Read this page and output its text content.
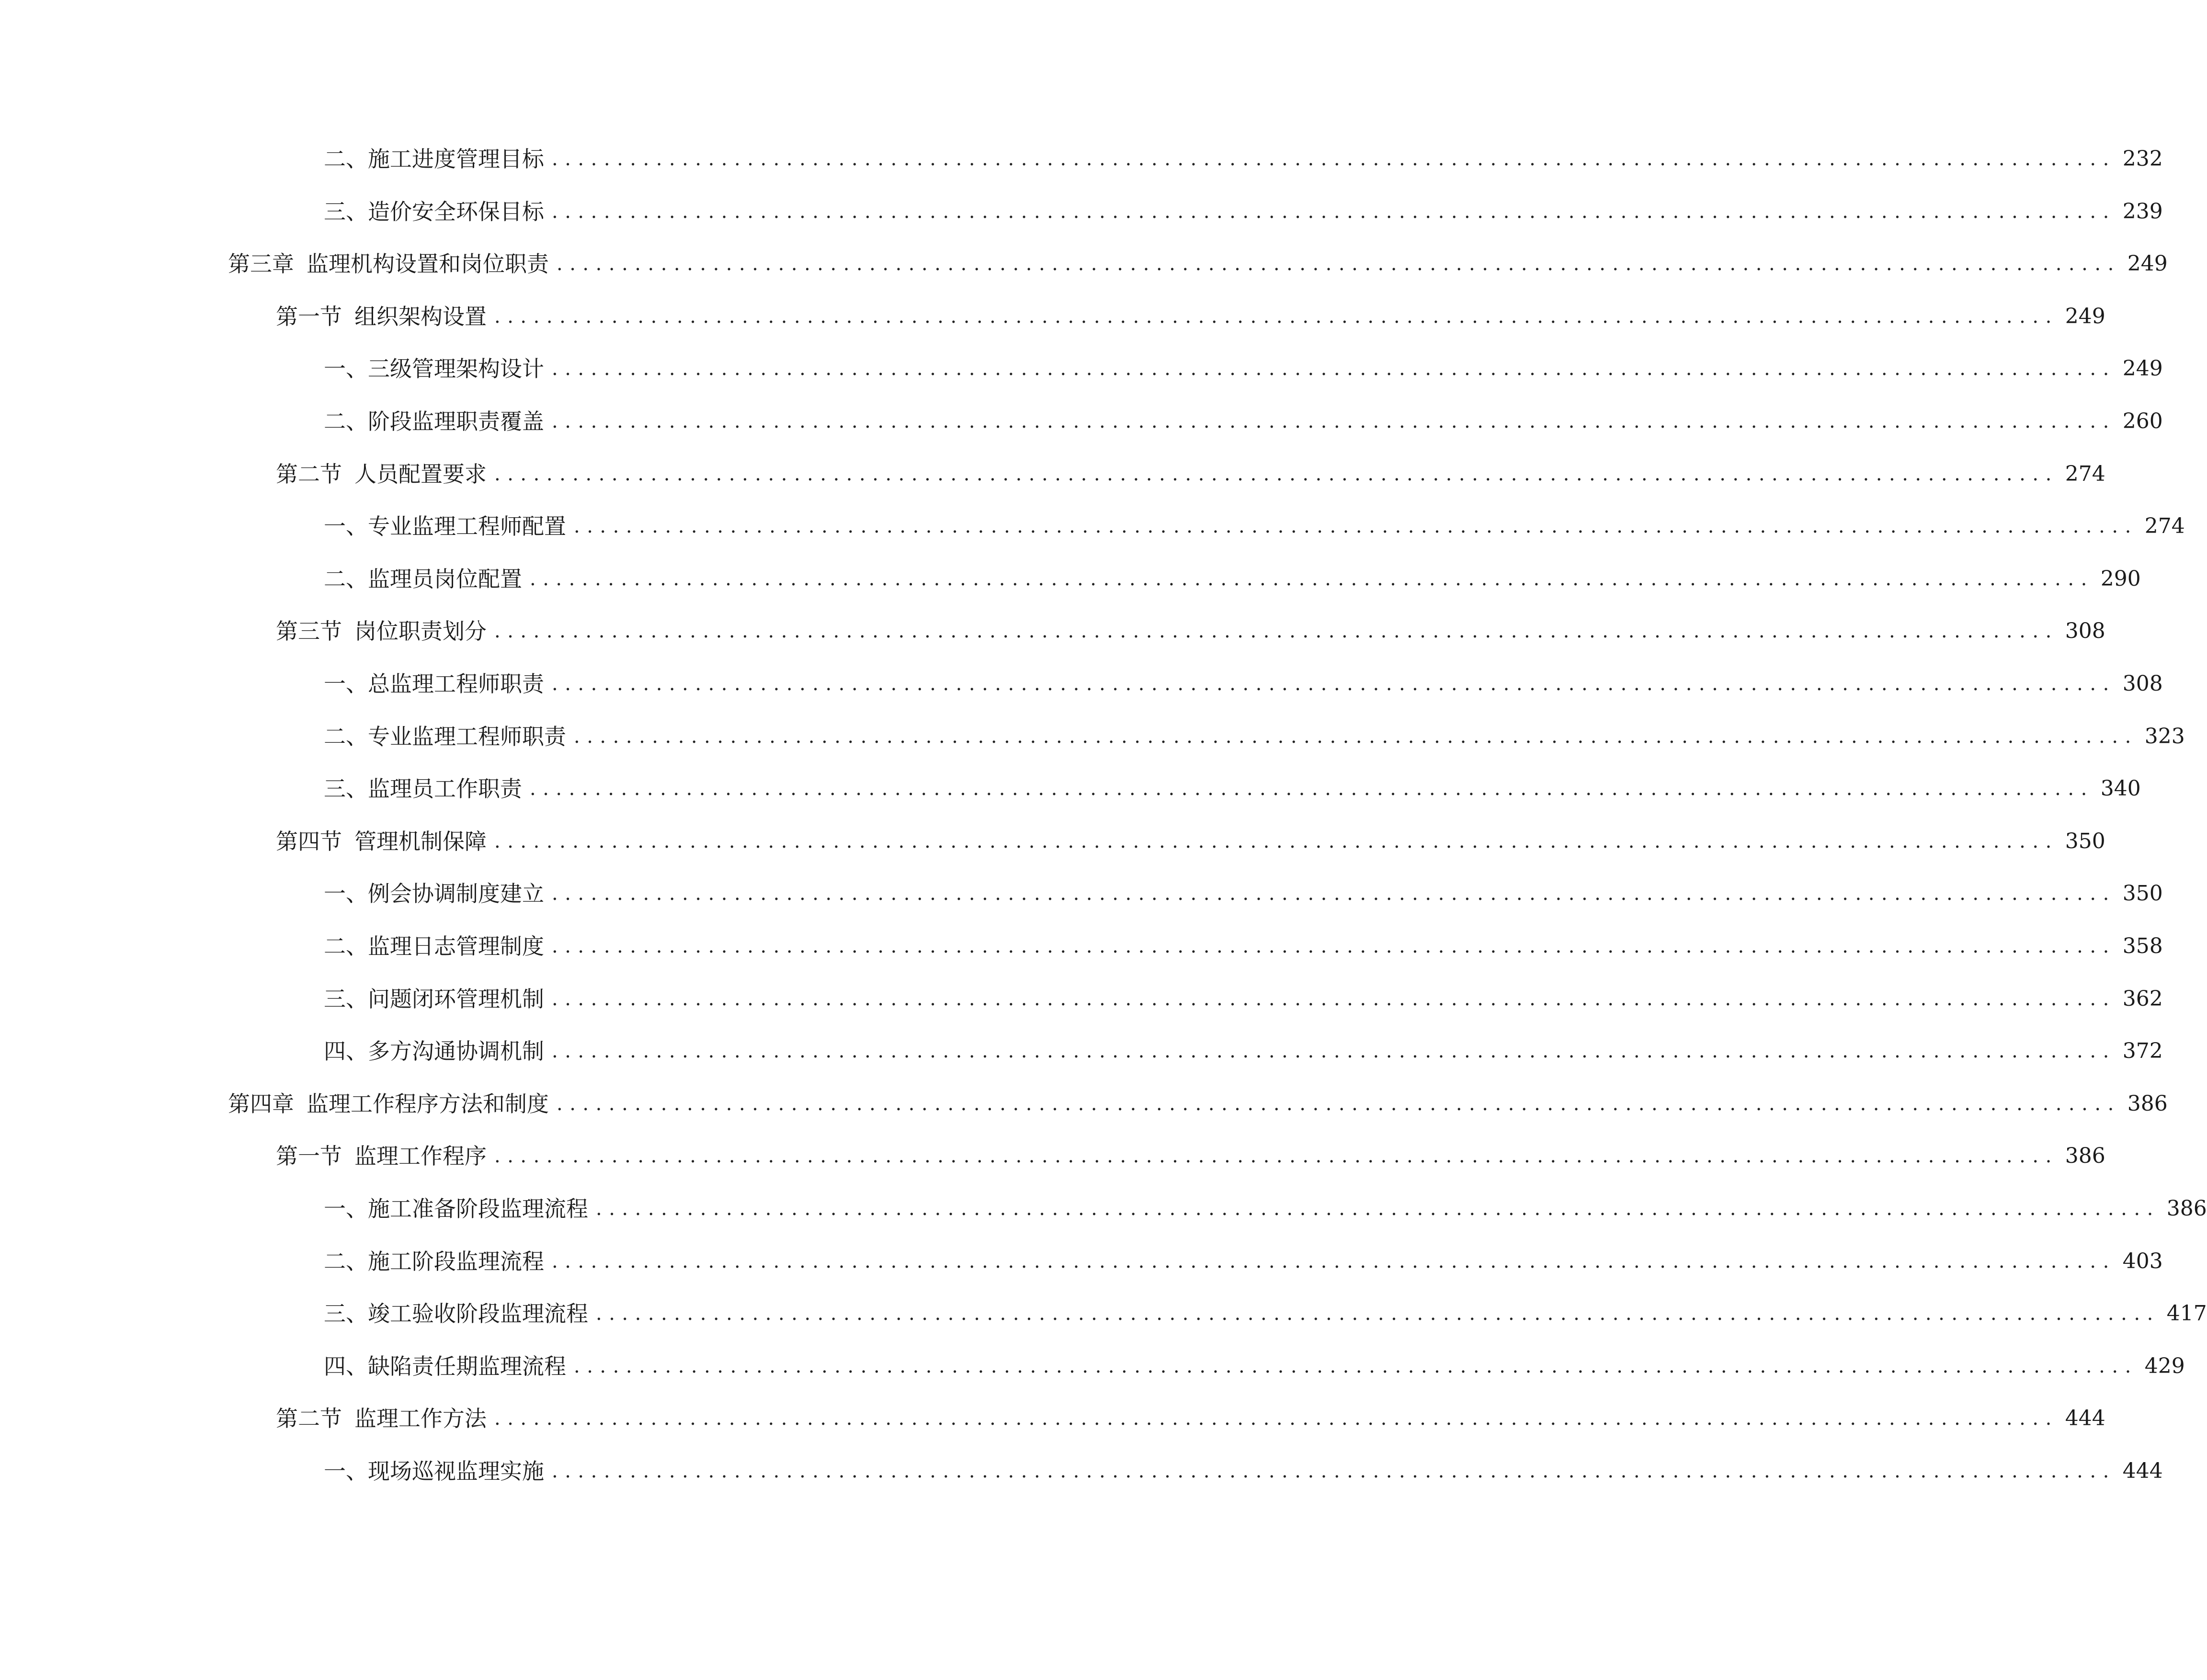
二、 施工进度管理目标 ........................................................................................................................ 232
三、 造价安全环保目标 ........................................................................................................................ 239
第三章 监理机构设置和岗位职责 ........................................................................................................................ 249
第一节 组织架构设置 ........................................................................................................................ 249
一、 三级管理架构设计 ........................................................................................................................ 249
二、 阶段监理职责覆盖 ........................................................................................................................ 260
第二节 人员配置要求 ........................................................................................................................ 274
一、 专业监理工程师配置 ........................................................................................................................ 274
二、 监理员岗位配置 ........................................................................................................................ 290
第三节 岗位职责划分 ........................................................................................................................ 308
一、 总监理工程师职责 ........................................................................................................................ 308
二、 专业监理工程师职责 ........................................................................................................................ 323
三、 监理员工作职责 ........................................................................................................................ 340
第四节 管理机制保障 ........................................................................................................................ 350
一、 例会协调制度建立 ........................................................................................................................ 350
二、 监理日志管理制度 ........................................................................................................................ 358
三、 问题闭环管理机制 ........................................................................................................................ 362
四、 多方沟通协调机制 ........................................................................................................................ 372
第四章 监理工作程序方法和制度 ........................................................................................................................ 386
第一节 监理工作程序 ........................................................................................................................ 386
一、 施工准备阶段监理流程 ........................................................................................................................ 386
二、 施工阶段监理流程 ........................................................................................................................ 403
三、 竣工验收阶段监理流程 ........................................................................................................................ 417
四、 缺陷责任期监理流程 ........................................................................................................................ 429
第二节 监理工作方法 ........................................................................................................................ 444
一、 现场巡视监理实施 ........................................................................................................................ 444
